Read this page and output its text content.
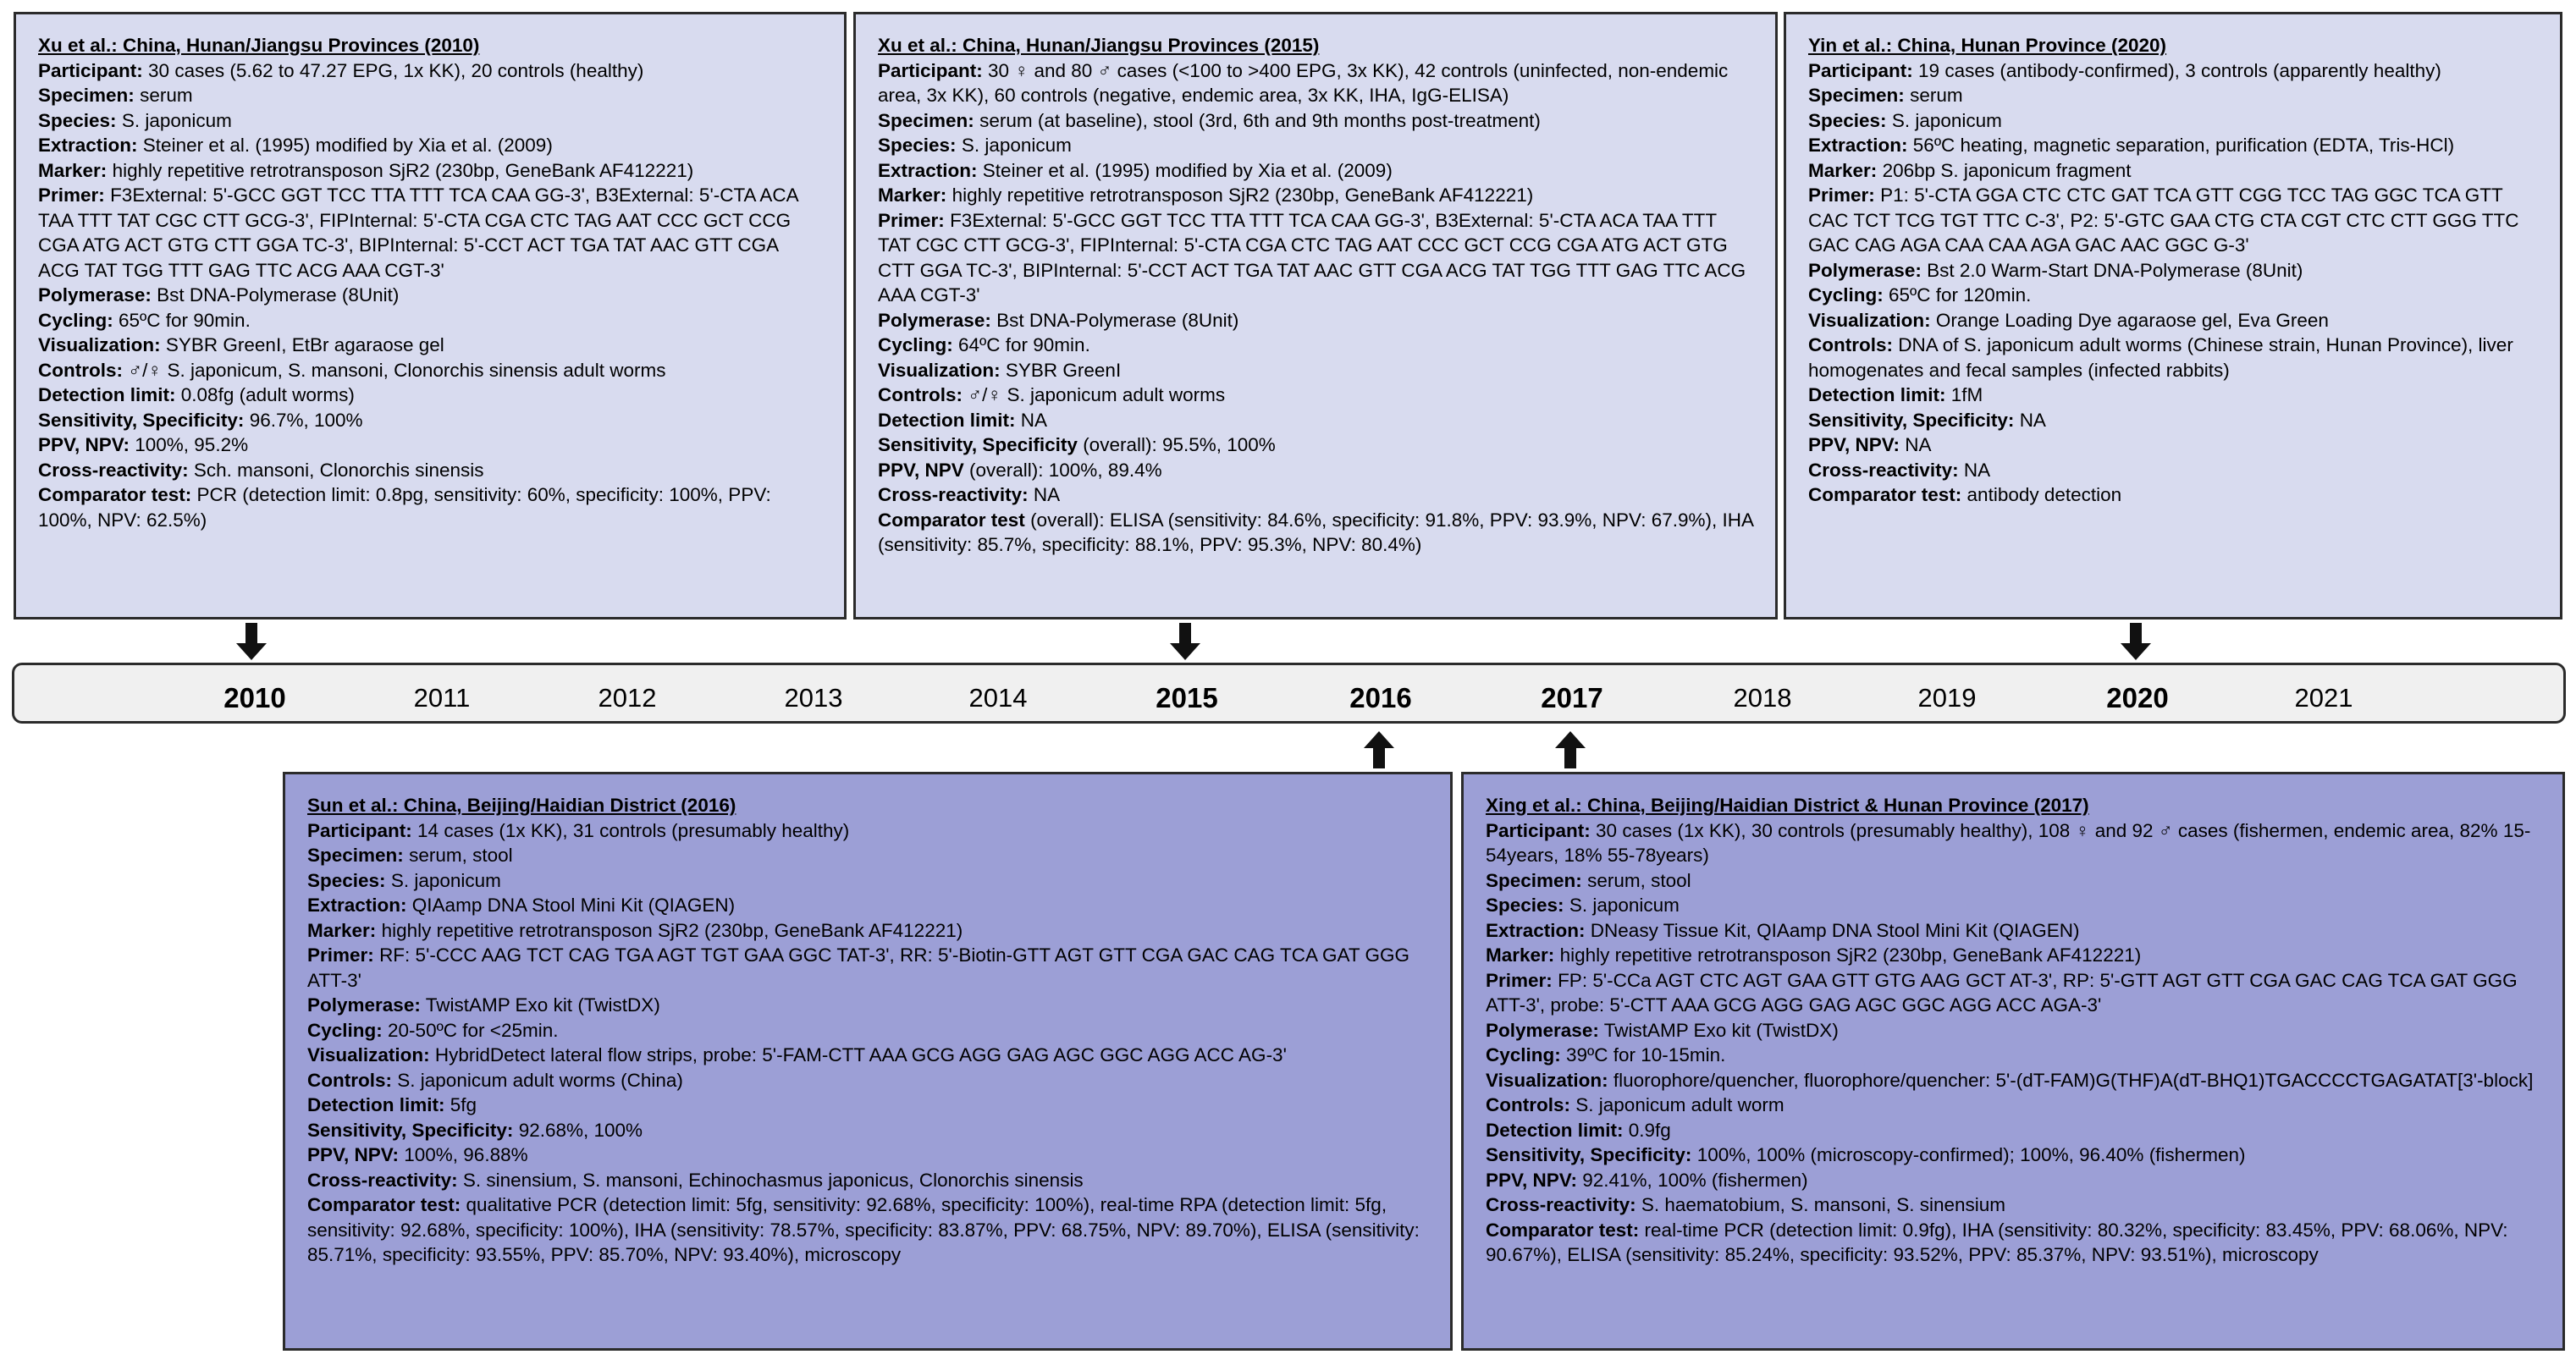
Xu et al.: China, Hunan/Jiangsu Provinces (2010)
Participant: 30 cases (5.62 to 47.27 EPG, 1x KK), 20 controls (healthy)
Specimen: serum
Species: S. japonicum
Extraction: Steiner et al. (1995) modified by Xia et al. (2009)
Marker: highly repetitive retrotransposon SjR2 (230bp, GeneBank AF412221)
Primer: F3External: 5'-GCC GGT TCC TTA TTT TCA CAA GG-3', B3External: 5'-CTA ACA TAA TTT TAT CGC CTT GCG-3', FIPInternal: 5'-CTA CGA CTC TAG AAT CCC GCT CCG CGA ATG ACT GTG CTT GGA TC-3', BIPInternal: 5'-CCT ACT TGA TAT AAC GTT CGA ACG TAT TGG TTT GAG TTC ACG AAA CGT-3'
Polymerase: Bst DNA-Polymerase (8Unit)
Cycling: 65ºC for 90min.
Visualization: SYBR GreenI, EtBr agaraose gel
Controls: ♂/♀ S. japonicum, S. mansoni, Clonorchis sinensis adult worms
Detection limit: 0.08fg (adult worms)
Sensitivity, Specificity: 96.7%, 100%
PPV, NPV: 100%, 95.2%
Cross-reactivity: Sch. mansoni, Clonorchis sinensis
Comparator test: PCR (detection limit: 0.8pg, sensitivity: 60%, specificity: 100%, PPV: 100%, NPV: 62.5%)
Xu et al.: China, Hunan/Jiangsu Provinces (2015)
Participant: 30 ♀ and 80 ♂ cases (<100 to >400 EPG, 3x KK), 42 controls (uninfected, non-endemic area, 3x KK), 60 controls (negative, endemic area, 3x KK, IHA, IgG-ELISA)
Specimen: serum (at baseline), stool (3rd, 6th and 9th months post-treatment)
Species: S. japonicum
Extraction: Steiner et al. (1995) modified by Xia et al. (2009)
Marker: highly repetitive retrotransposon SjR2 (230bp, GeneBank AF412221)
Primer: F3External: 5'-GCC GGT TCC TTA TTT TCA CAA GG-3', B3External: 5'-CTA ACA TAA TTT TAT CGC CTT GCG-3', FIPInternal: 5'-CTA CGA CTC TAG AAT CCC GCT CCG CGA ATG ACT GTG CTT GGA TC-3', BIPInternal: 5'-CCT ACT TGA TAT AAC GTT CGA ACG TAT TGG TTT GAG TTC ACG AAA CGT-3'
Polymerase: Bst DNA-Polymerase (8Unit)
Cycling: 64ºC for 90min.
Visualization: SYBR GreenI
Controls: ♂/♀ S. japonicum adult worms
Detection limit: NA
Sensitivity, Specificity (overall): 95.5%, 100%
PPV, NPV (overall): 100%, 89.4%
Cross-reactivity: NA
Comparator test (overall): ELISA (sensitivity: 84.6%, specificity: 91.8%, PPV: 93.9%, NPV: 67.9%), IHA (sensitivity: 85.7%, specificity: 88.1%, PPV: 95.3%, NPV: 80.4%)
Yin et al.: China, Hunan Province (2020)
Participant: 19 cases (antibody-confirmed), 3 controls (apparently healthy)
Specimen: serum
Species: S. japonicum
Extraction: 56ºC heating, magnetic separation, purification (EDTA, Tris-HCl)
Marker: 206bp S. japonicum fragment
Primer: P1: 5'-CTA GGA CTC CTC GAT TCA GTT CGG TCC TAG GGC TCA GTT CAC TCT TCG TGT TTC C-3', P2: 5'-GTC GAA CTG CTA CGT CTC CTT GGG TTC GAC CAG AGA CAA CAA AGA GAC AAC GGC G-3'
Polymerase: Bst 2.0 Warm-Start DNA-Polymerase (8Unit)
Cycling: 65ºC for 120min.
Visualization: Orange Loading Dye agaraose gel, Eva Green
Controls: DNA of S. japonicum adult worms (Chinese strain, Hunan Province), liver homogenates and fecal samples (infected rabbits)
Detection limit: 1fM
Sensitivity, Specificity: NA
PPV, NPV: NA
Cross-reactivity: NA
Comparator test: antibody detection
2010	2011	2012	2013	2014	2015	2016	2017	2018	2019	2020	2021
Sun et al.: China, Beijing/Haidian District (2016)
Participant: 14 cases (1x KK), 31 controls (presumably healthy)
Specimen: serum, stool
Species: S. japonicum
Extraction: QIAamp DNA Stool Mini Kit (QIAGEN)
Marker: highly repetitive retrotransposon SjR2 (230bp, GeneBank AF412221)
Primer: RF: 5'-CCC AAG TCT CAG TGA AGT TGT GAA GGC TAT-3', RR: 5'-Biotin-GTT AGT GTT CGA GAC CAG TCA GAT GGG ATT-3'
Polymerase: TwistAMP Exo kit (TwistDX)
Cycling: 20-50ºC for <25min.
Visualization: HybridDetect lateral flow strips, probe: 5'-FAM-CTT AAA GCG AGG GAG AGC GGC AGG ACC AG-3'
Controls: S. japonicum adult worms (China)
Detection limit: 5fg
Sensitivity, Specificity: 92.68%, 100%
PPV, NPV: 100%, 96.88%
Cross-reactivity: S. sinensium, S. mansoni, Echinochasmus japonicus, Clonorchis sinensis
Comparator test: qualitative PCR (detection limit: 5fg, sensitivity: 92.68%, specificity: 100%), real-time RPA (detection limit: 5fg, sensitivity: 92.68%, specificity: 100%), IHA (sensitivity: 78.57%, specificity: 83.87%, PPV: 68.75%, NPV: 89.70%), ELISA (sensitivity: 85.71%, specificity: 93.55%, PPV: 85.70%, NPV: 93.40%), microscopy
Xing et al.: China, Beijing/Haidian District & Hunan Province (2017)
Participant: 30 cases (1x KK), 30 controls (presumably healthy), 108 ♀ and 92 ♂ cases (fishermen, endemic area, 82% 15-54years, 18% 55-78years)
Specimen: serum, stool
Species: S. japonicum
Extraction: DNeasy Tissue Kit, QIAamp DNA Stool Mini Kit (QIAGEN)
Marker: highly repetitive retrotransposon SjR2 (230bp, GeneBank AF412221)
Primer: FP: 5'-CCa AGT CTC AGT GAA GTT GTG AAG GCT AT-3', RP: 5'-GTT AGT GTT CGA GAC CAG TCA GAT GGG ATT-3', probe: 5'-CTT AAA GCG AGG GAG AGC GGC AGG ACC AGA-3'
Polymerase: TwistAMP Exo kit (TwistDX)
Cycling: 39ºC for 10-15min.
Visualization: fluorophore/quencher, fluorophore/quencher: 5'-(dT-FAM)G(THF)A(dT-BHQ1)TGACCCCTGAGATAT[3'-block]
Controls: S. japonicum adult worm
Detection limit: 0.9fg
Sensitivity, Specificity: 100%, 100% (microscopy-confirmed); 100%, 96.40% (fishermen)
PPV, NPV: 92.41%, 100% (fishermen)
Cross-reactivity: S. haematobium, S. mansoni, S. sinensium
Comparator test: real-time PCR (detection limit: 0.9fg), IHA (sensitivity: 80.32%, specificity: 83.45%, PPV: 68.06%, NPV: 90.67%), ELISA (sensitivity: 85.24%, specificity: 93.52%, PPV: 85.37%, NPV: 93.51%), microscopy
